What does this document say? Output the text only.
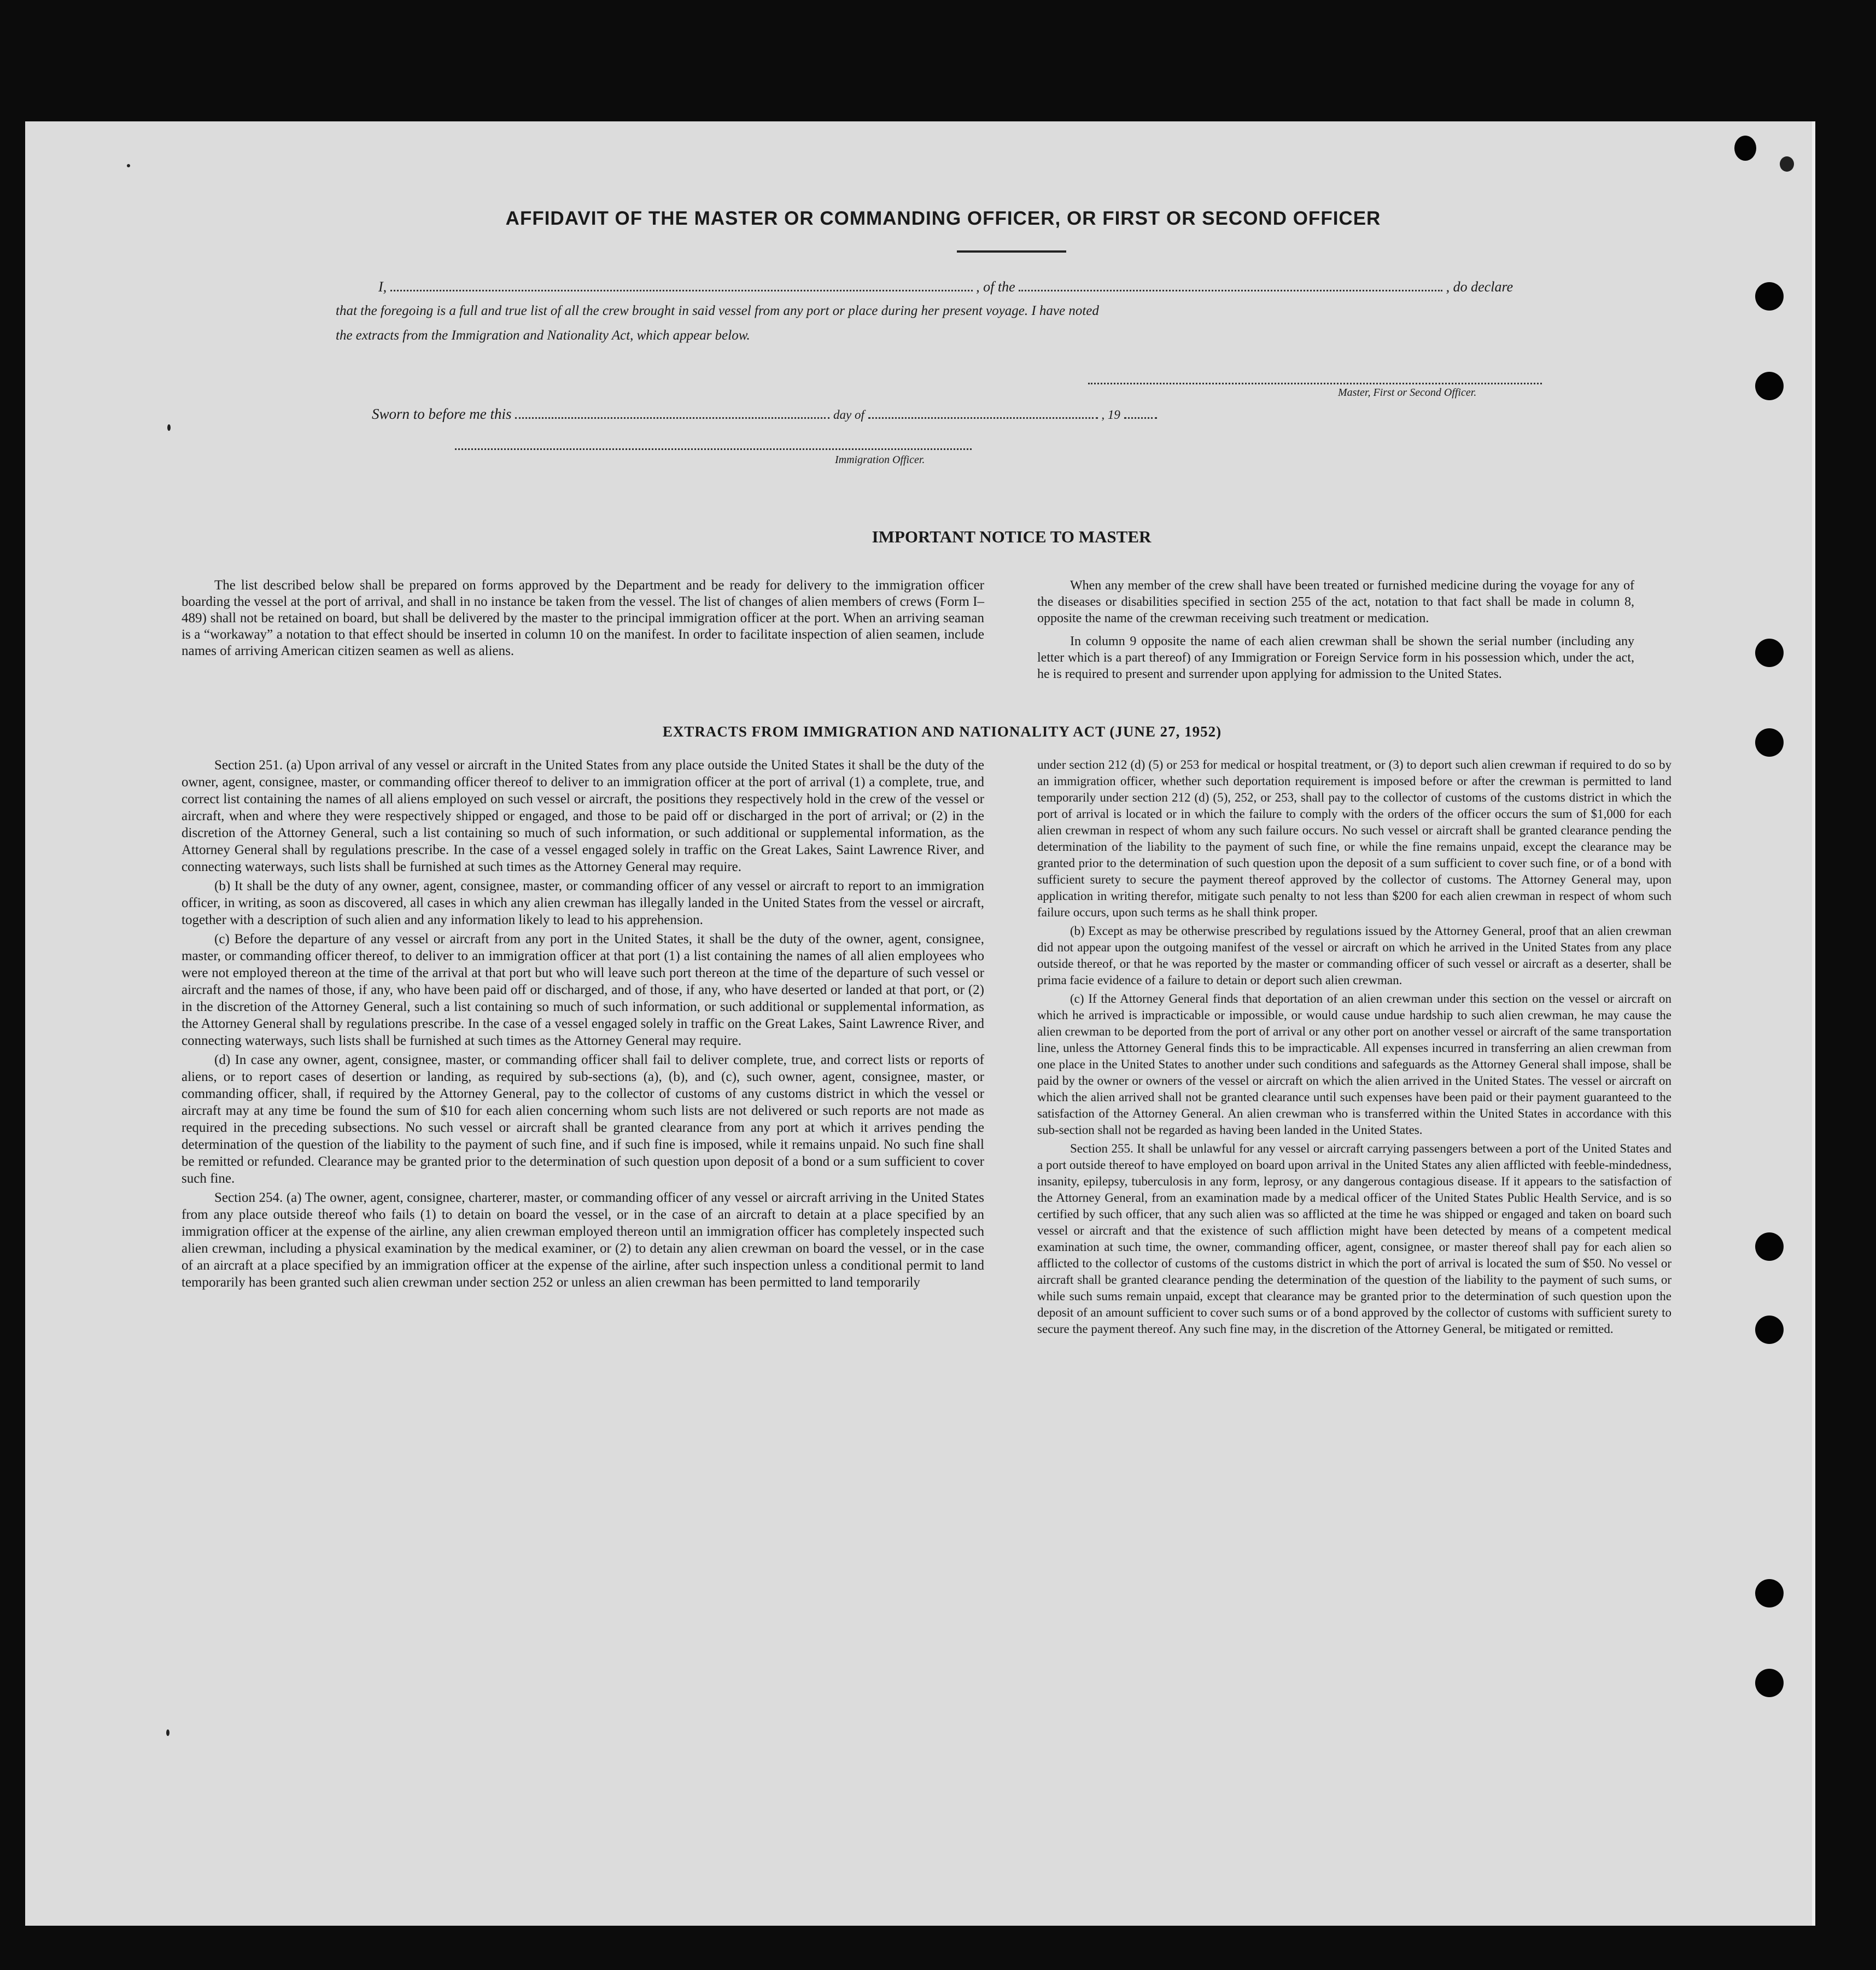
AFFIDAVIT OF THE MASTER OR COMMANDING OFFICER, OR FIRST OR SECOND OFFICER
I,	, of the	, do declare
that the foregoing is a full and true list of all the crew brought in said vessel from any port or place during her present voyage. I have noted
the extracts from the Immigration and Nationality Act, which appear below.
Master, First or Second Officer.
Sworn to before me this	day of	, 19
Immigration Officer.
IMPORTANT NOTICE TO MASTER

The list described below shall be prepared on forms approved by the Department and be ready for delivery to the immigration officer boarding the vessel at the port of arrival, and shall in no instance be taken from the vessel. The list of changes of alien members of crews (Form I–489) shall not be retained on board, but shall be delivered by the master to the principal immigration officer at the port. When an arriving seaman is a “workaway” a notation to that effect should be inserted in column 10 on the manifest. In order to facilitate inspection of alien seamen, include names of arriving American citizen seamen as well as aliens.

When any member of the crew shall have been treated or furnished medicine during the voyage for any of the diseases or disabilities specified in section 255 of the act, notation to that fact shall be made in column 8, opposite the name of the crewman receiving such treatment or medication.

In column 9 opposite the name of each alien crewman shall be shown the serial number (including any letter which is a part thereof) of any Immigration or Foreign Service form in his possession which, under the act, he is required to present and surrender upon applying for admission to the United States.

EXTRACTS FROM IMMIGRATION AND NATIONALITY ACT (JUNE 27, 1952)

Section 251. (a) Upon arrival of any vessel or aircraft in the United States from any place outside the United States it shall be the duty of the owner, agent, consignee, master, or commanding officer thereof to deliver to an immigration officer at the port of arrival (1) a complete, true, and correct list containing the names of all aliens employed on such vessel or aircraft, the positions they respectively hold in the crew of the vessel or aircraft, when and where they were respectively shipped or engaged, and those to be paid off or discharged in the port of arrival; or (2) in the discretion of the Attorney General, such a list containing so much of such information, or such additional or supplemental information, as the Attorney General shall by regulations prescribe. In the case of a vessel engaged solely in traffic on the Great Lakes, Saint Lawrence River, and connecting waterways, such lists shall be furnished at such times as the Attorney General may require.

(b) It shall be the duty of any owner, agent, consignee, master, or commanding officer of any vessel or aircraft to report to an immigration officer, in writing, as soon as discovered, all cases in which any alien crewman has illegally landed in the United States from the vessel or aircraft, together with a description of such alien and any information likely to lead to his apprehension.

(c) Before the departure of any vessel or aircraft from any port in the United States, it shall be the duty of the owner, agent, consignee, master, or commanding officer thereof, to deliver to an immigration officer at that port (1) a list containing the names of all alien employees who were not employed thereon at the time of the arrival at that port but who will leave such port thereon at the time of the departure of such vessel or aircraft and the names of those, if any, who have been paid off or discharged, and of those, if any, who have deserted or landed at that port, or (2) in the discretion of the Attorney General, such a list containing so much of such information, or such additional or supplemental information, as the Attorney General shall by regulations prescribe. In the case of a vessel engaged solely in traffic on the Great Lakes, Saint Lawrence River, and connecting waterways, such lists shall be furnished at such times as the Attorney General may require.

(d) In case any owner, agent, consignee, master, or commanding officer shall fail to deliver complete, true, and correct lists or reports of aliens, or to report cases of desertion or landing, as required by sub-sections (a), (b), and (c), such owner, agent, consignee, master, or commanding officer, shall, if required by the Attorney General, pay to the collector of customs of any customs district in which the vessel or aircraft may at any time be found the sum of $10 for each alien concerning whom such lists are not delivered or such reports are not made as required in the preceding subsections. No such vessel or aircraft shall be granted clearance from any port at which it arrives pending the determination of the question of the liability to the payment of such fine, and if such fine is imposed, while it remains unpaid. No such fine shall be remitted or refunded. Clearance may be granted prior to the determination of such question upon deposit of a bond or a sum sufficient to cover such fine.

Section 254. (a) The owner, agent, consignee, charterer, master, or commanding officer of any vessel or aircraft arriving in the United States from any place outside thereof who fails (1) to detain on board the vessel, or in the case of an aircraft to detain at a place specified by an immigration officer at the expense of the airline, any alien crewman employed thereon until an immigration officer has completely inspected such alien crewman, including a physical examination by the medical examiner, or (2) to detain any alien crewman on board the vessel, or in the case of an aircraft at a place specified by an immigration officer at the expense of the airline, after such inspection unless a conditional permit to land temporarily has been granted such alien crewman under section 252 or unless an alien crewman has been permitted to land temporarily

under section 212 (d) (5) or 253 for medical or hospital treatment, or (3) to deport such alien crewman if required to do so by an immigration officer, whether such deportation requirement is imposed before or after the crewman is permitted to land temporarily under section 212 (d) (5), 252, or 253, shall pay to the collector of customs of the customs district in which the port of arrival is located or in which the failure to comply with the orders of the officer occurs the sum of $1,000 for each alien crewman in respect of whom any such failure occurs. No such vessel or aircraft shall be granted clearance pending the determination of the liability to the payment of such fine, or while the fine remains unpaid, except the clearance may be granted prior to the determination of such question upon the deposit of a sum sufficient to cover such fine, or of a bond with sufficient surety to secure the payment thereof approved by the collector of customs. The Attorney General may, upon application in writing therefor, mitigate such penalty to not less than $200 for each alien crewman in respect of whom such failure occurs, upon such terms as he shall think proper.

(b) Except as may be otherwise prescribed by regulations issued by the Attorney General, proof that an alien crewman did not appear upon the outgoing manifest of the vessel or aircraft on which he arrived in the United States from any place outside thereof, or that he was reported by the master or commanding officer of such vessel or aircraft as a deserter, shall be prima facie evidence of a failure to detain or deport such alien crewman.

(c) If the Attorney General finds that deportation of an alien crewman under this section on the vessel or aircraft on which he arrived is impracticable or impossible, or would cause undue hardship to such alien crewman, he may cause the alien crewman to be deported from the port of arrival or any other port on another vessel or aircraft of the same transportation line, unless the Attorney General finds this to be impracticable. All expenses incurred in transferring an alien crewman from one place in the United States to another under such conditions and safeguards as the Attorney General shall impose, shall be paid by the owner or owners of the vessel or aircraft on which the alien arrived in the United States. The vessel or aircraft on which the alien arrived shall not be granted clearance until such expenses have been paid or their payment guaranteed to the satisfaction of the Attorney General. An alien crewman who is transferred within the United States in accordance with this sub-section shall not be regarded as having been landed in the United States.

Section 255. It shall be unlawful for any vessel or aircraft carrying passengers between a port of the United States and a port outside thereof to have employed on board upon arrival in the United States any alien afflicted with feeble-mindedness, insanity, epilepsy, tuberculosis in any form, leprosy, or any dangerous contagious disease. If it appears to the satisfaction of the Attorney General, from an examination made by a medical officer of the United States Public Health Service, and is so certified by such officer, that any such alien was so afflicted at the time he was shipped or engaged and taken on board such vessel or aircraft and that the existence of such affliction might have been detected by means of a competent medical examination at such time, the owner, commanding officer, agent, consignee, or master thereof shall pay for each alien so afflicted to the collector of customs of the customs district in which the port of arrival is located the sum of $50. No vessel or aircraft shall be granted clearance pending the determination of the question of the liability to the payment of such sums, or while such sums remain unpaid, except that clearance may be granted prior to the determination of such question upon the deposit of an amount sufficient to cover such sums or of a bond approved by the collector of customs with sufficient surety to secure the payment thereof. Any such fine may, in the discretion of the Attorney General, be mitigated or remitted.
